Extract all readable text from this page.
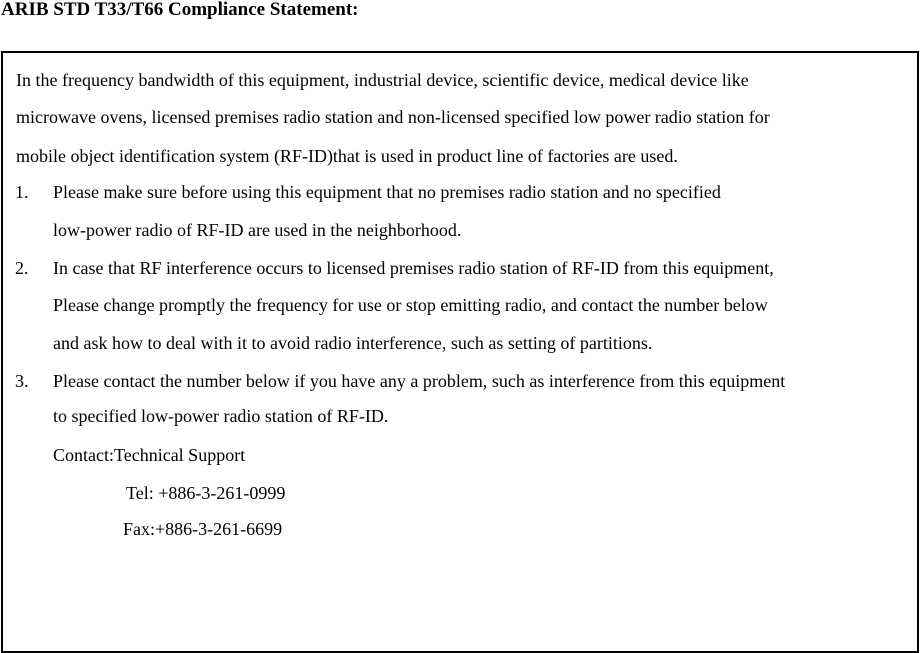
ARIB STD T33/T66 Compliance Statement:
In the frequency bandwidth of this equipment, industrial device, scientific device, medical device like
microwave ovens, licensed premises radio station and non-licensed specified low power radio station for
mobile object identification system (RF-ID)that is used in product line of factories are used.
1. Please make sure before using this equipment that no premises radio station and no specified
low-power radio of RF-ID are used in the neighborhood.
2. In case that RF interference occurs to licensed premises radio station of RF-ID from this equipment,
Please change promptly the frequency for use or stop emitting radio, and contact the number below
and ask how to deal with it to avoid radio interference, such as setting of partitions.
3. Please contact the number below if you have any a problem, such as interference from this equipment
to specified low-power radio station of RF-ID.
Contact:Technical Support
Tel: +886-3-261-0999
Fax:+886-3-261-6699
